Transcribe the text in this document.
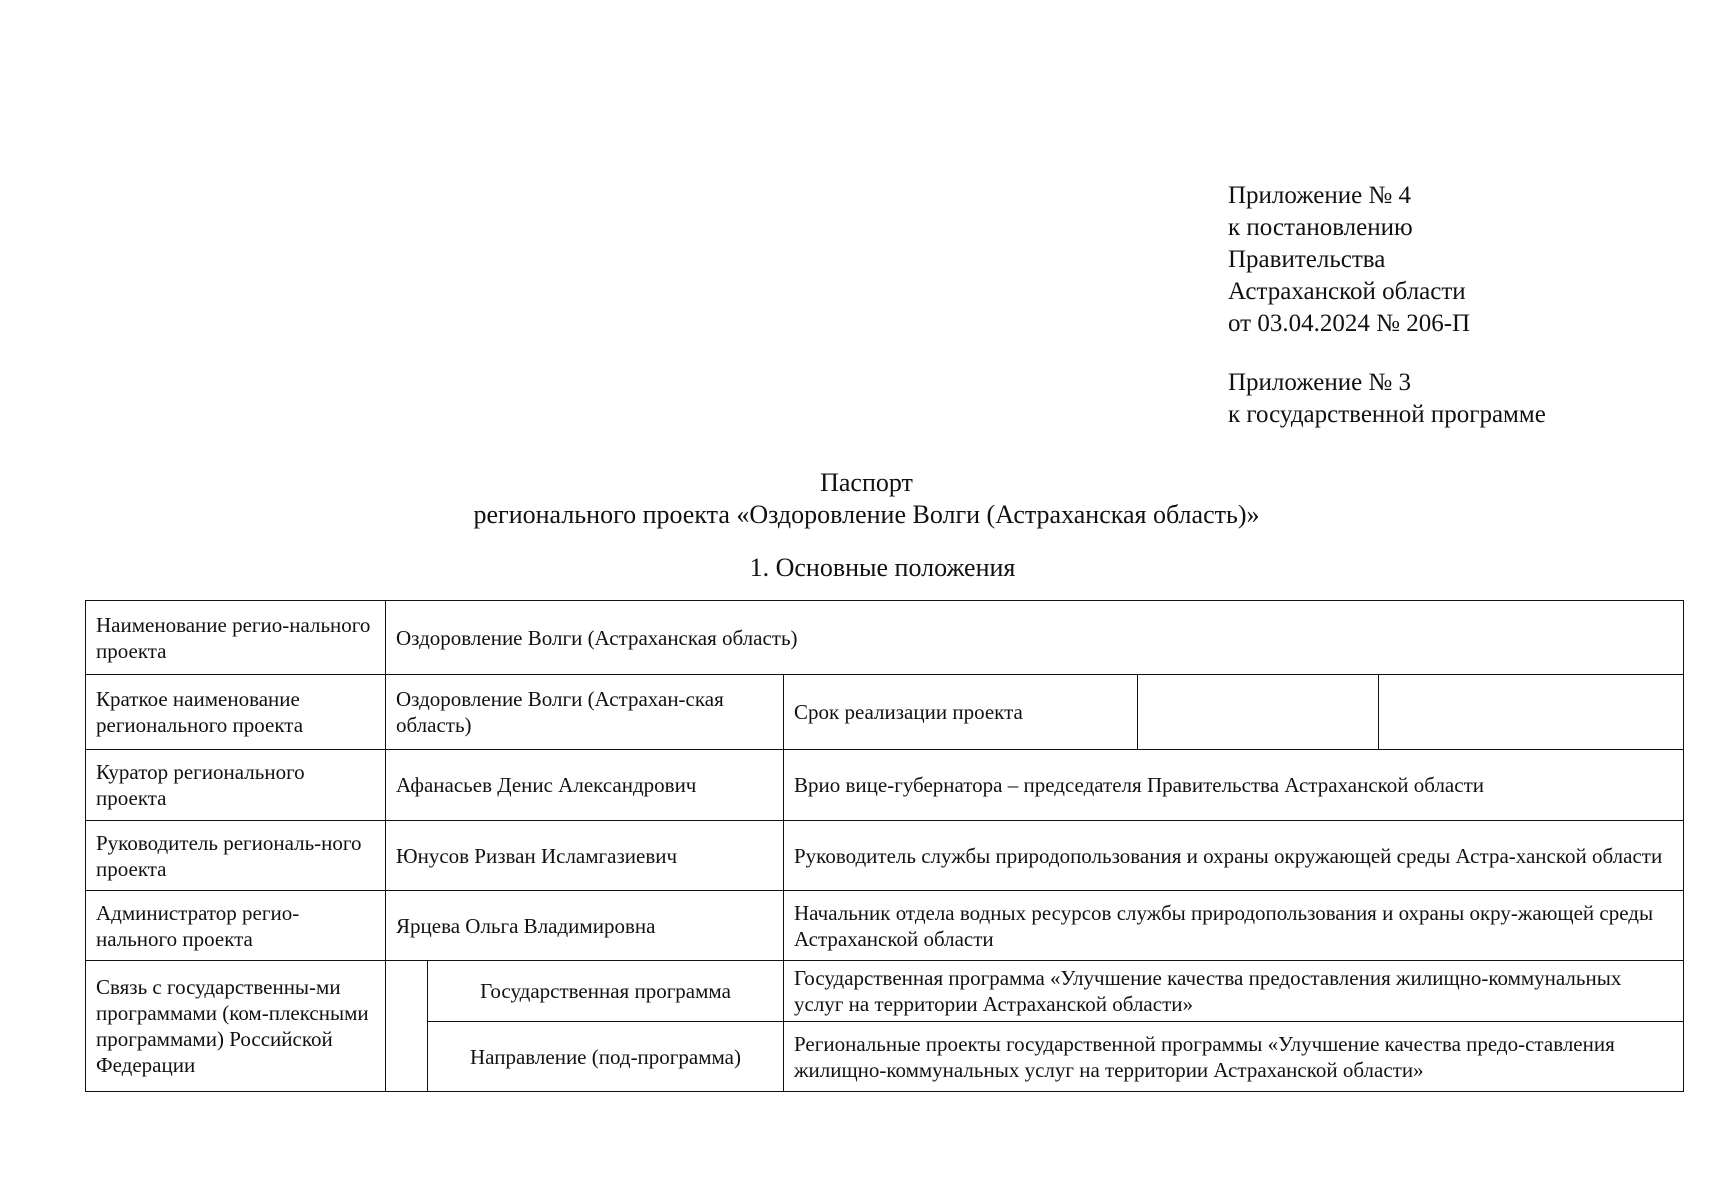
Приложение № 4
к постановлению
Правительства
Астраханской области
от 03.04.2024 № 206-П
Приложение № 3
к государственной программе
Паспорт
регионального проекта «Оздоровление Волги (Астраханская область)»
1. Основные положения
Наименование регио-нального проекта	Оздоровление Волги (Астраханская область)				
Краткое наименование регионального проекта	Оздоровление Волги (Астрахан-ская область)		Срок реализации проекта		
Куратор регионального проекта	Афанасьев Денис Александрович		Врио вице-губернатора – председателя Правительства Астраханской области		
Руководитель региональ-ного проекта	Юнусов Ризван Исламгазиевич		Руководитель службы природопользования и охраны окружающей среды Астра-ханской области		
Администратор регио-нального проекта	Ярцева Ольга Владимировна		Начальник отдела водных ресурсов службы природопользования и охраны окру-жающей среды Астраханской области		
Связь с государственны-ми программами (ком-плексными программами) Российской Федерации		Государственная программа	Государственная программа «Улучшение качества предоставления жилищно-коммунальных услуг на территории Астраханской области»		
		Направление (под-программа)	Региональные проекты государственной программы «Улучшение качества предо-ставления жилищно-коммунальных услуг на территории Астраханской области»		
